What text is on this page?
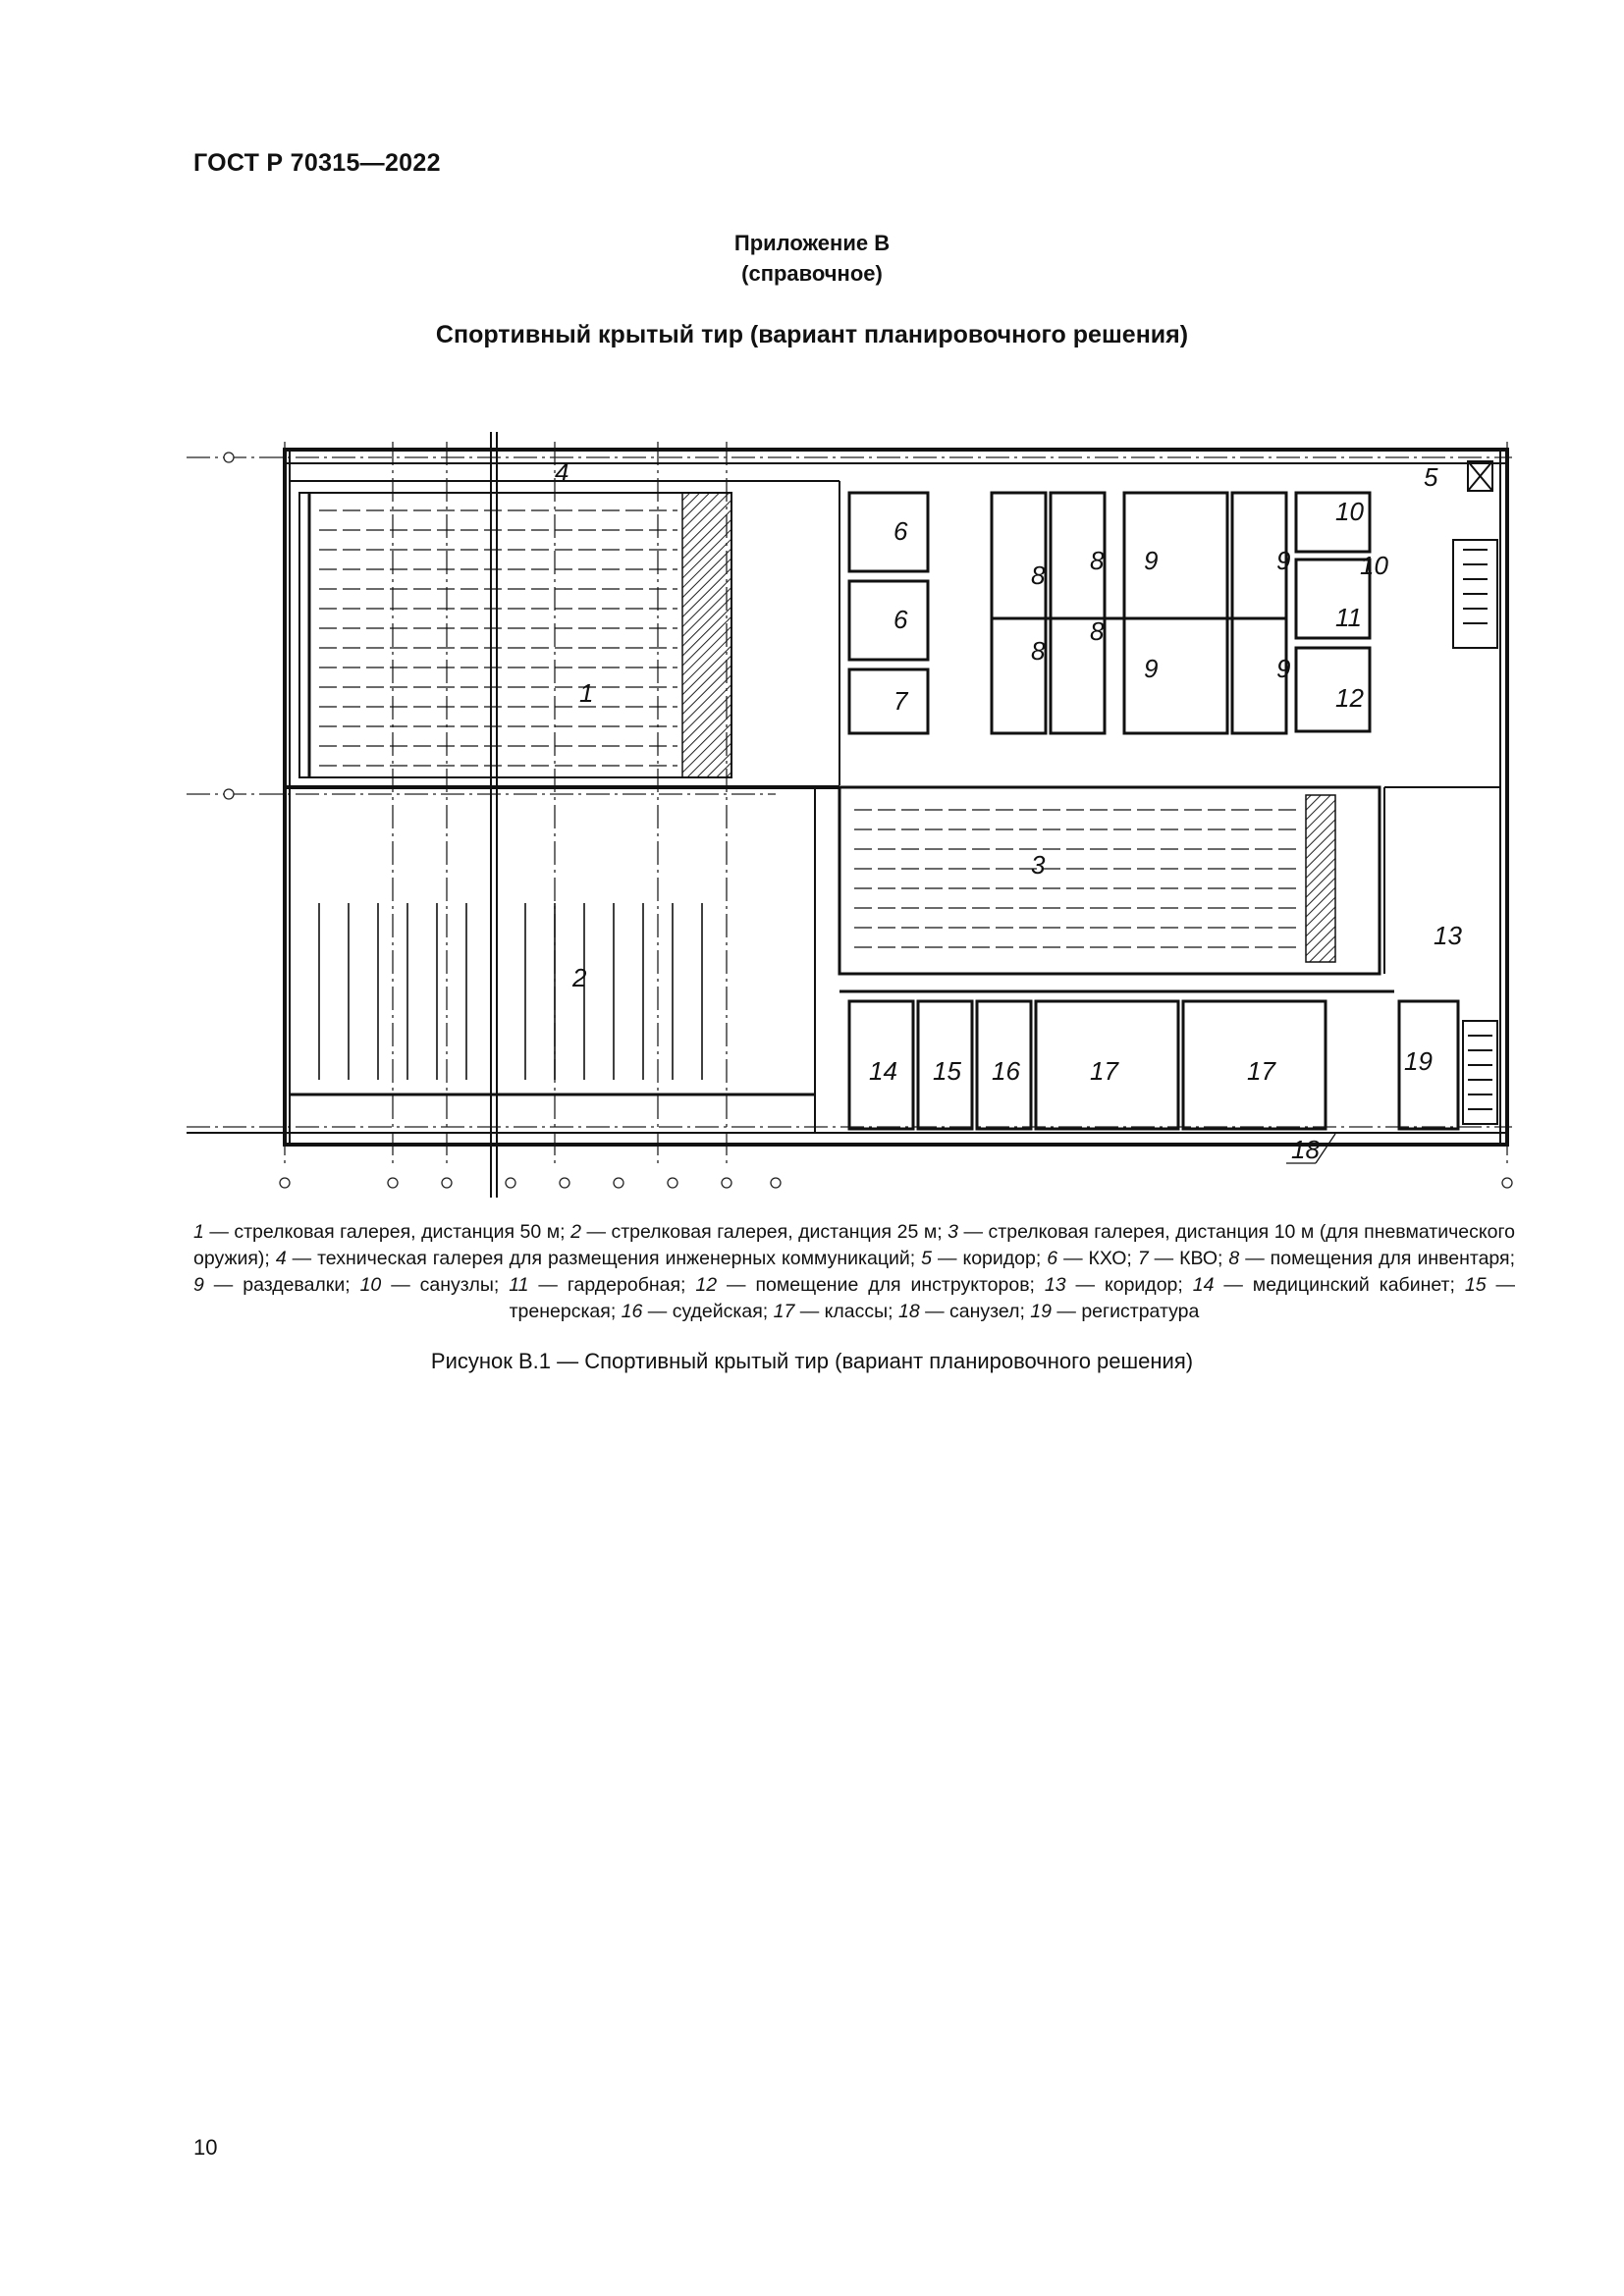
ГОСТ Р 70315—2022
Приложение В
(справочное)
Спортивный крытый тир (вариант планировочного решения)
1
2
3
4	5
6
6
7
8 8
8
8
9	9
9	9
10
10
11
12
13
14 15 16	17	17
18
19
1 — стрелковая галерея, дистанция 50 м; 2 — стрелковая галерея, дистанция 25 м; 3 — стрелковая галерея, дистанция 10 м (для пневматического оружия); 4 — техническая галерея для размещения инженерных коммуникаций; 5 — коридор; 6 — КХО; 7 — КВО; 8 — помещения для инвентаря; 9 — раздевалки; 10 — санузлы; 11 — гардеробная; 12 — помещение для инструкторов; 13 — коридор; 14 — медицинский кабинет; 15 — тренерская; 16 — судейская; 17 — классы; 18 — санузел; 19 — регистратура
Рисунок В.1 — Спортивный крытый тир (вариант планировочного решения)
10
